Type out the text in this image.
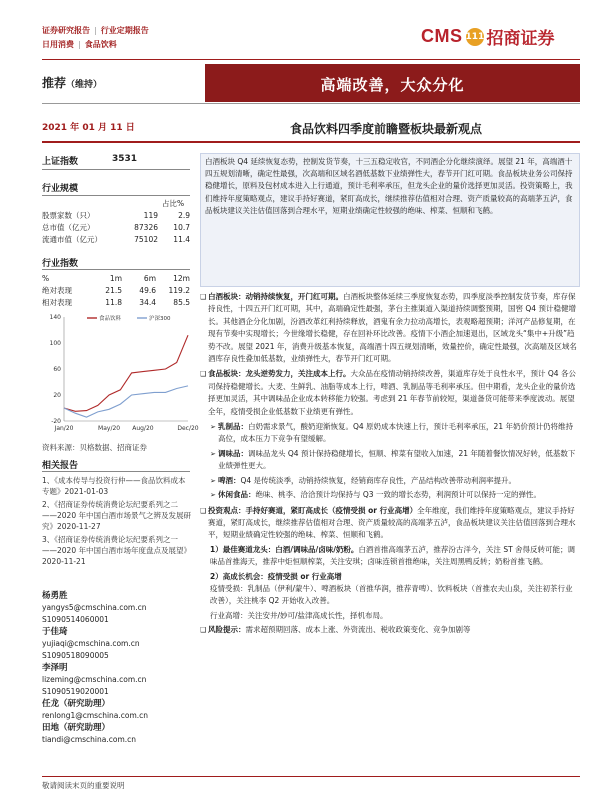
证券研究报告 | 行业定期报告
日用消费 | 食品饮料	CMS 111 招商证券
高端改善，大众分化
推荐（维持）
2021 年 01 月 11 日	食品饮料四季度前瞻暨板块最新观点
上证指数	3531
行业规模
占比%
股票家数（只）	119	2.9
总市值（亿元）	87326	10.7
流通市值（亿元）	75102	11.4
行业指数
%	1m	6m	12m
绝对表现	21.5	49.6	119.2
相对表现	11.8	34.4	85.5
-20
20
60
100
140
Jan/20	May/20 Aug/20	Dec/20
食品饮料	沪深300
资料来源：贝格数据、招商证券
相关报告
1、《成本传导与投资行仲——食品饮料成本专题》2021-01-03
2、《招商证券传统消费论坛纪要系列之二——2020 年中国白酒市场景气之辨及发展研究》2020-11-27
3、《招商证券传统消费论坛纪要系列之一——2020 年中国白酒市场年度盘点及展望》2020-11-21
杨勇胜
yangys5@cmschina.com.cn
S1090514060001
于佳琦
yujiaqi@cmschina.com.cn
S1090518090005
李泽明
lizeming@cmschina.com.cn
S1090519020001
任龙（研究助理）
renlong1@cmschina.com.cn
田地（研究助理）
tiandi@cmschina.com.cn
敬请阅读末页的重要说明
白酒板块 Q4 延续恢复态势，控制发货节奏，十三五稳定收官，不同酒企分化继续演绎。展望 21 年，高端酒十四五规划清晰，确定性最强，次高端和区域名酒低基数下业绩弹性大，春节开门红可期。食品板块业务公司保持稳健增长，原料及包材成本进入上行通道，预计毛利率承压，但龙头企业的量价选择更加灵活。投资策略上，我们维持年度策略观点，建议手持好赛道，紧盯高成长，继续推荐估值相对合理、资产质量较高的高端茅五泸，食品板块建议关注估值回落到合理水平，短期业绩确定性较强的绝味、榨菜、恒顺和飞鹤。
❑ 白酒板块：动销持续恢复，开门红可期。白酒板块整体延续三季度恢复态势，四季度淡季控制发货节奏，库存保持良性，十四五开门红可期，其中，高端确定性最强，茅台主推渠道入渠道持续调整预期，国窖 Q4 预计稳健增长。其他酒企分化加剧，汾酒改革红利持续释放，酒鬼有余力拉动高增长，表观略超预期；洋河产品修复期，在现有节奏中实现增长；今世缘增长稳健，存在回补环比改善。疫情下小酒企加速退出，区域龙头“集中+升级”趋势不改。展望 2021 年，消费升级基本恢复，高端酒十四五规划清晰，效量控价，确定性最强，次高端及区域名酒库存良性叠加低基数，业绩弹性大，春节开门红可期。
❑ 食品板块：龙头逆势发力，关注成本上行。大众品在疫情动销持续改善，渠道库存处于良性水平，预计 Q4 各公司保持稳健增长。大麦、生鲜乳、油脂等成本上行，啤酒、乳制品等毛利率承压。但中期看，龙头企业的量价选择更加灵活，其中调味品企业成本转移能力较强。考虑到 21 年春节前较短，渠道备货可能带来季度波动。展望全年，疫情受损企业低基数下业绩更有弹性。
➢ 乳制品：白奶需求景气，酸奶迎渐恢复。Q4 原奶成本快速上行，预计毛利率承压，21 年奶价预计仍将维持高位，成本压力下竞争有望缓解。
➢ 调味品：调味品龙头 Q4 预计保持稳健增长，恒顺、榨菜有望收入加速，21 年随着餐饮情况好转，低基数下业绩弹性更大。
➢ 啤酒：Q4 是传统淡季，动销持续恢复，经销商库存良性，产品结构改善带动利润率提升。
➢ 休闲食品：绝味、桃李、洽洽预计均保持与 Q3 一致的增长态势，利润预计可以保持一定的弹性。
❑ 投资观点：手持好赛道，紧盯高成长（疫情受损 or 行业高增）全年维度，我们维持年度策略观点，建议手持好赛道，紧盯高成长，继续推荐估值相对合理、资产质量较高的高端茅五泸，食品板块建议关注估值回落到合理水平，短期业绩确定性较强的绝味、榨菜、恒顺和飞鹤。
1）最佳赛道龙头：白酒/调味品/卤味/奶粉。白酒首推高端茅五泸，推荐汾古洋今，关注 ST 舍得反转可能；调味品首推海天，推荐中炬恒顺榨菜，关注安琪；卤味连锁首推绝味，关注周黑鸭反转；奶粉首推飞鹤。
2）高成长机会：疫情受损 or 行业高增
疫情受损：乳制品（伊利/蒙牛）、啤酒板块（首推华润，推荐青啤）、饮料板块（首推农夫山泉，关注初茶行业改善），关注桃李 Q2 开始收入改善。
行业高增：关注安井/妙可/盐津高成长性，择机布局。
❑ 风险提示：需求超预期回落、成本上涨、外资流出、税收政策变化、竞争加剧等
